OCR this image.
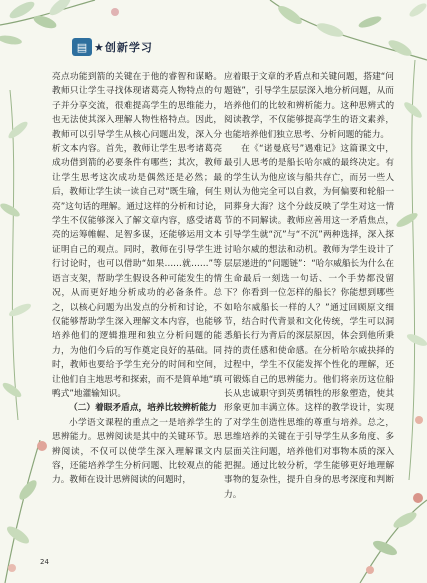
▤ ★创新学习

亮点功能到箭的关键在于他的睿智和谋略。教师只让学生寻找体现诸葛亮人物特点的句子并分享交流，很难提高学生的思维能力，也无法使其深入理解人物性格特点。因此，教师可以引导学生从核心问题出发，深入分析文本内容。首先，教师让学生思考诸葛亮成功借到箭的必要条件有哪些；其次，教师让学生思考这次成功是偶然还是必然；最后，教师让学生读一读自己对“既生瑜，何生亮”这句话的理解。通过这样的分析和讨论，学生不仅能够深入了解文章内容，感受诸葛亮的运筹帷幄、足智多谋，还能够运用文本证明自己的观点。同时，教师在引导学生进行讨论时，也可以借助“如果……就……”等语言支架，帮助学生假设各种可能发生的情况，从而更好地分析成功的必备条件。总之，以核心问题为出发点的分析和讨论，不仅能够帮助学生深入理解文本内容，也能够培养他们的逻辑推理和独立分析问题的能力，为他们今后的写作奠定良好的基础。同时，教师也要给予学生充分的时间和空间，让他们自主地思考和探索，而不是简单地“填鸭式”地灌输知识。

（二）着眼矛盾点，培养比较辨析能力

小学语文课程的重点之一是培养学生的思辨能力。思辨阅读是其中的关键环节。思辨阅读，不仅可以使学生深入理解课文内容，还能培养学生分析问题、比较观点的能力。教师在设计思辨阅读的问题时，

应着眼于文章的矛盾点和关键问题，搭建“问题链”，引导学生层层深入地分析问题，从而培养他们的比较和辨析能力。这种思辨式的阅读教学，不仅能够提高学生的语文素养，也能培养他们独立思考、分析问题的能力。

在《“诺曼底号”遇难记》这篇课文中，最引人思考的是船长哈尔威的最终决定。有的学生认为他应该与船共存亡，而另一些人则认为他完全可以自救，为何偏要和轮船一同葬身大海？这个分歧反映了学生对这一情节的不同解读。教师应善用这一矛盾焦点，引导学生就“沉”与“不沉”两种选择，深入探讨哈尔威的想法和动机。教师为学生设计了层层递进的“问题链”：“哈尔威船长为什么在生命最后一刻选一句话、一个手势都没留下？你看到一位怎样的船长？你能想到哪些如哈尔威船长一样的人？”通过回顾原文细节，结合时代背景和文化传统，学生可以洞悉船长行为背后的深层原因，体会到他所秉持的责任感和使命感。在分析哈尔威抉择的过程中，学生不仅能发挥个性化的理解，还可锻炼自己的思辨能力。他们将亲历这位船长从忠诚职守到英勇牺牲的形象塑造，使其形象更加丰满立体。这样的教学设计，实现了对学生创造性思维的尊重与培养。总之，思维培养的关键在于引导学生从多角度、多层面关注问题，培养他们对事物本质的深入把握。通过比较分析，学生能够更好地理解事物的复杂性，提升自身的思考深度和判断力。

24
